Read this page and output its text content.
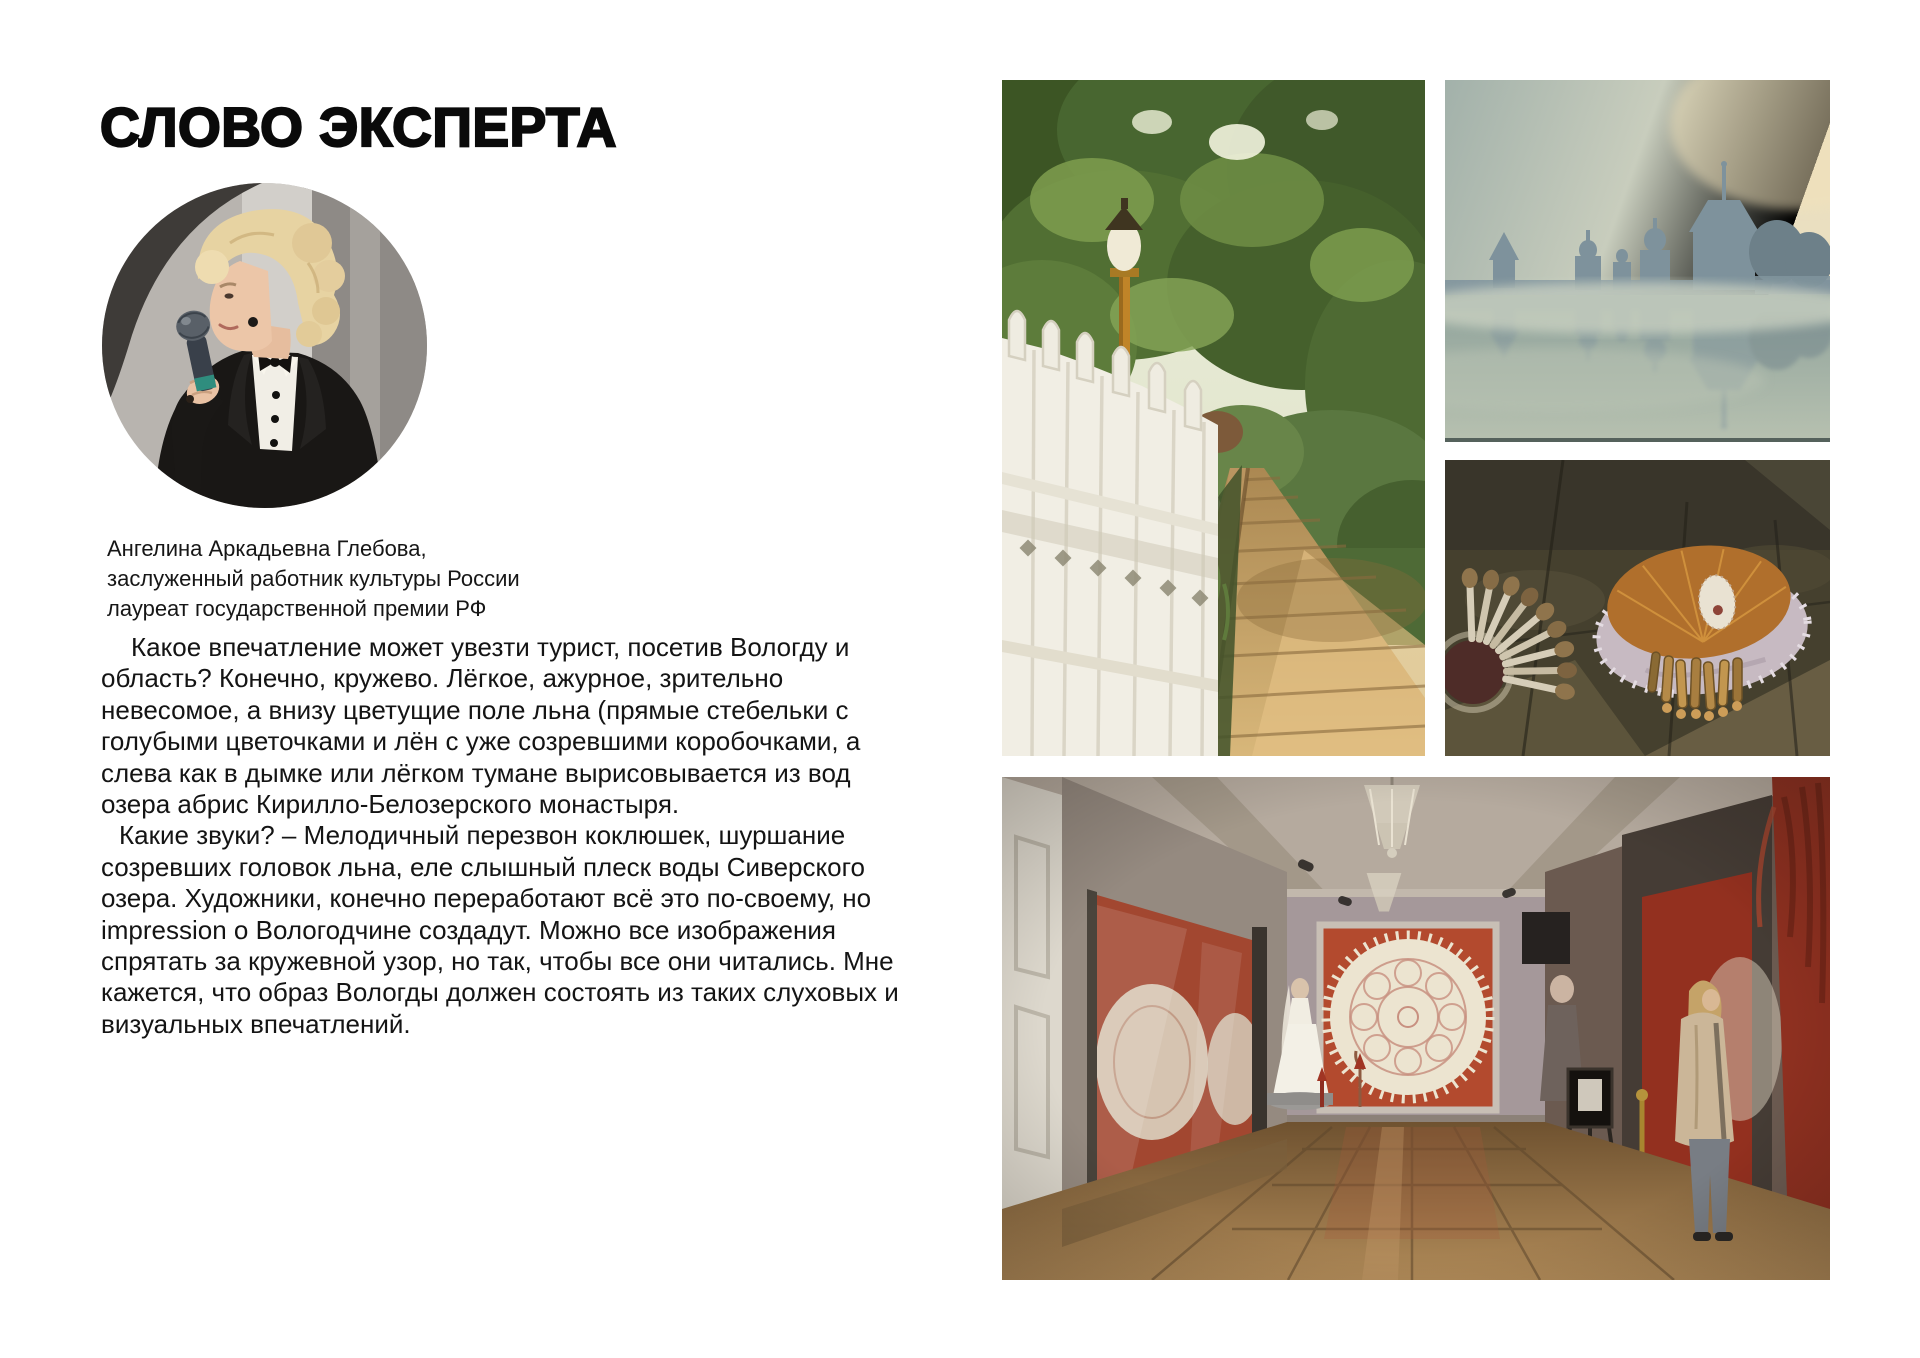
СЛОВО ЭКСПЕРТА
Ангелина Аркадьевна Глебова,
заслуженный работник культуры России
лауреат государственной премии РФ
Какое впечатление может увезти турист, посетив Вологду и
область? Конечно, кружево. Лёгкое, ажурное, зрительно
невесомое, а внизу цветущие поле льна (прямые стебельки с
голубыми цветочками и лён с уже созревшими коробочками, а
слева как в дымке или лёгком тумане вырисовывается из вод
озера абрис Кирилло-Белозерского монастыря.
Какие звуки? – Мелодичный перезвон коклюшек, шуршание
созревших головок льна, еле слышный плеск воды Сиверского
озера. Художники, конечно переработают всё это по-своему, но
impression о Вологодчине создадут. Можно все изображения
спрятать за кружевной узор, но так, чтобы все они читались. Мне
кажется, что образ Вологды должен состоять из таких слуховых и
визуальных впечатлений.
